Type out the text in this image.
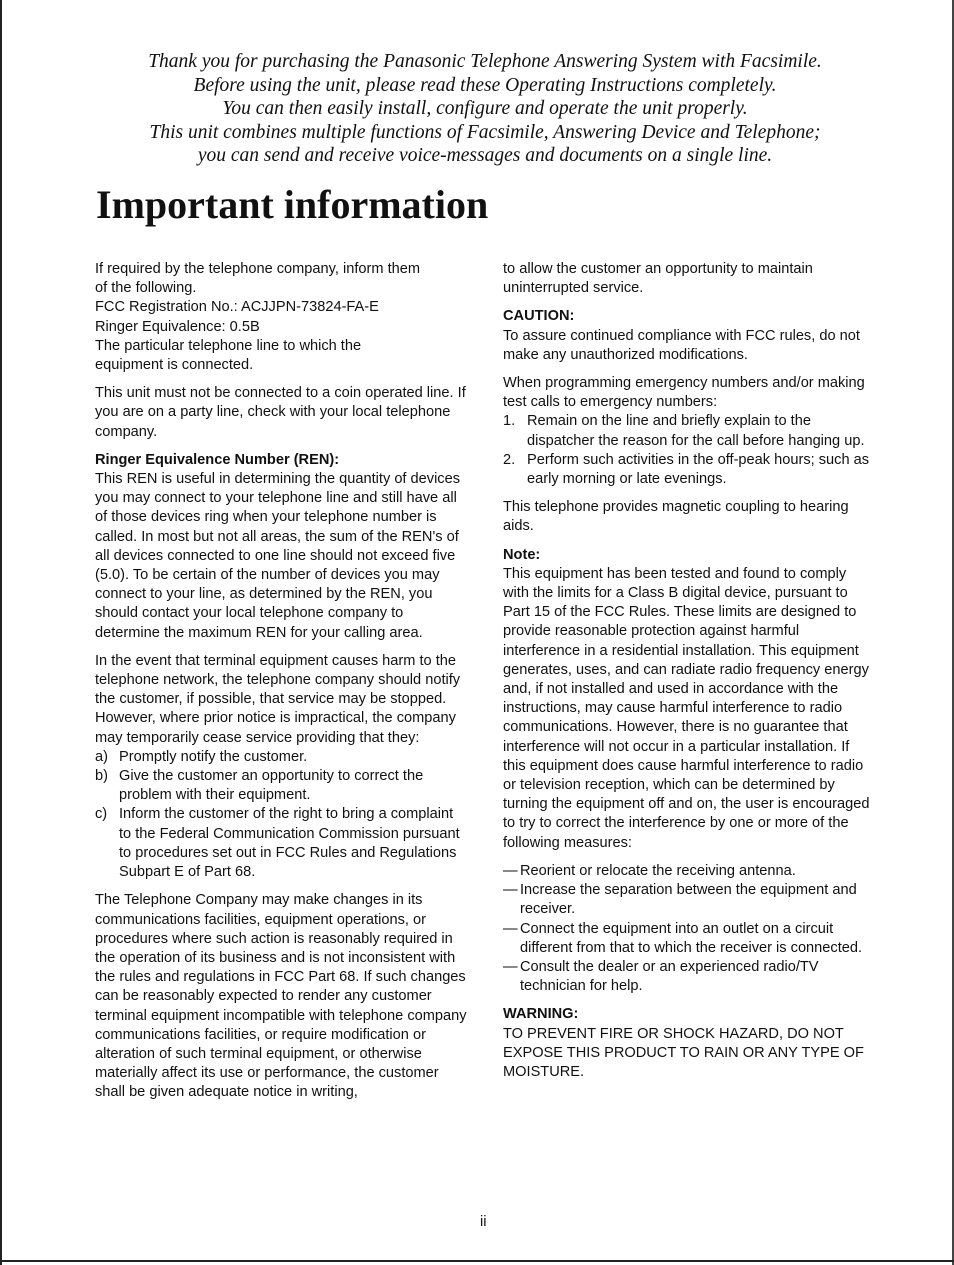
Thank you for purchasing the Panasonic Telephone Answering System with Facsimile.
Before using the unit, please read these Operating Instructions completely.
You can then easily install, configure and operate the unit properly.
This unit combines multiple functions of Facsimile, Answering Device and Telephone;
you can send and receive voice-messages and documents on a single line.
Important information
If required by the telephone company, inform them
of the following.
FCC Registration No.: ACJJPN-73824-FA-E
Ringer Equivalence: 0.5B
The particular telephone line to which the
equipment is connected.

This unit must not be connected to a coin operated line. If you are on a party line, check with your local telephone company.

Ringer Equivalence Number (REN):

This REN is useful in determining the quantity of devices you may connect to your telephone line and still have all of those devices ring when your telephone number is called. In most but not all areas, the sum of the REN's of all devices connected to one line should not exceed five (5.0). To be certain of the number of devices you may connect to your line, as determined by the REN, you should contact your local telephone company to determine the maximum REN for your calling area.

In the event that terminal equipment causes harm to the telephone network, the telephone company should notify the customer, if possible, that service may be stopped. However, where prior notice is impractical, the company may temporarily cease service providing that they:

a) Promptly notify the customer.
b) Give the customer an opportunity to correct the problem with their equipment.
c) Inform the customer of the right to bring a complaint to the Federal Communication Commission pursuant to procedures set out in FCC Rules and Regulations Subpart E of Part 68.

The Telephone Company may make changes in its communications facilities, equipment operations, or procedures where such action is reasonably required in the operation of its business and is not inconsistent with the rules and regulations in FCC Part 68. If such changes can be reasonably expected to render any customer terminal equipment incompatible with telephone company communications facilities, or require modification or alteration of such terminal equipment, or otherwise materially affect its use or performance, the customer shall be given adequate notice in writing,

to allow the customer an opportunity to maintain uninterrupted service.

CAUTION:

To assure continued compliance with FCC rules, do not make any unauthorized modifications.

When programming emergency numbers and/or making test calls to emergency numbers:

1. Remain on the line and briefly explain to the dispatcher the reason for the call before hanging up.
2. Perform such activities in the off-peak hours; such as early morning or late evenings.

This telephone provides magnetic coupling to hearing aids.

Note:

This equipment has been tested and found to comply with the limits for a Class B digital device, pursuant to Part 15 of the FCC Rules. These limits are designed to provide reasonable protection against harmful interference in a residential installation. This equipment generates, uses, and can radiate radio frequency energy and, if not installed and used in accordance with the instructions, may cause harmful interference to radio communications. However, there is no guarantee that interference will not occur in a particular installation. If this equipment does cause harmful interference to radio or television reception, which can be determined by turning the equipment off and on, the user is encouraged to try to correct the interference by one or more of the following measures:

— Reorient or relocate the receiving antenna.
— Increase the separation between the equipment and receiver.
— Connect the equipment into an outlet on a circuit different from that to which the receiver is connected.
— Consult the dealer or an experienced radio/TV technician for help.

WARNING:

TO PREVENT FIRE OR SHOCK HAZARD, DO NOT EXPOSE THIS PRODUCT TO RAIN OR ANY TYPE OF MOISTURE.

ii
